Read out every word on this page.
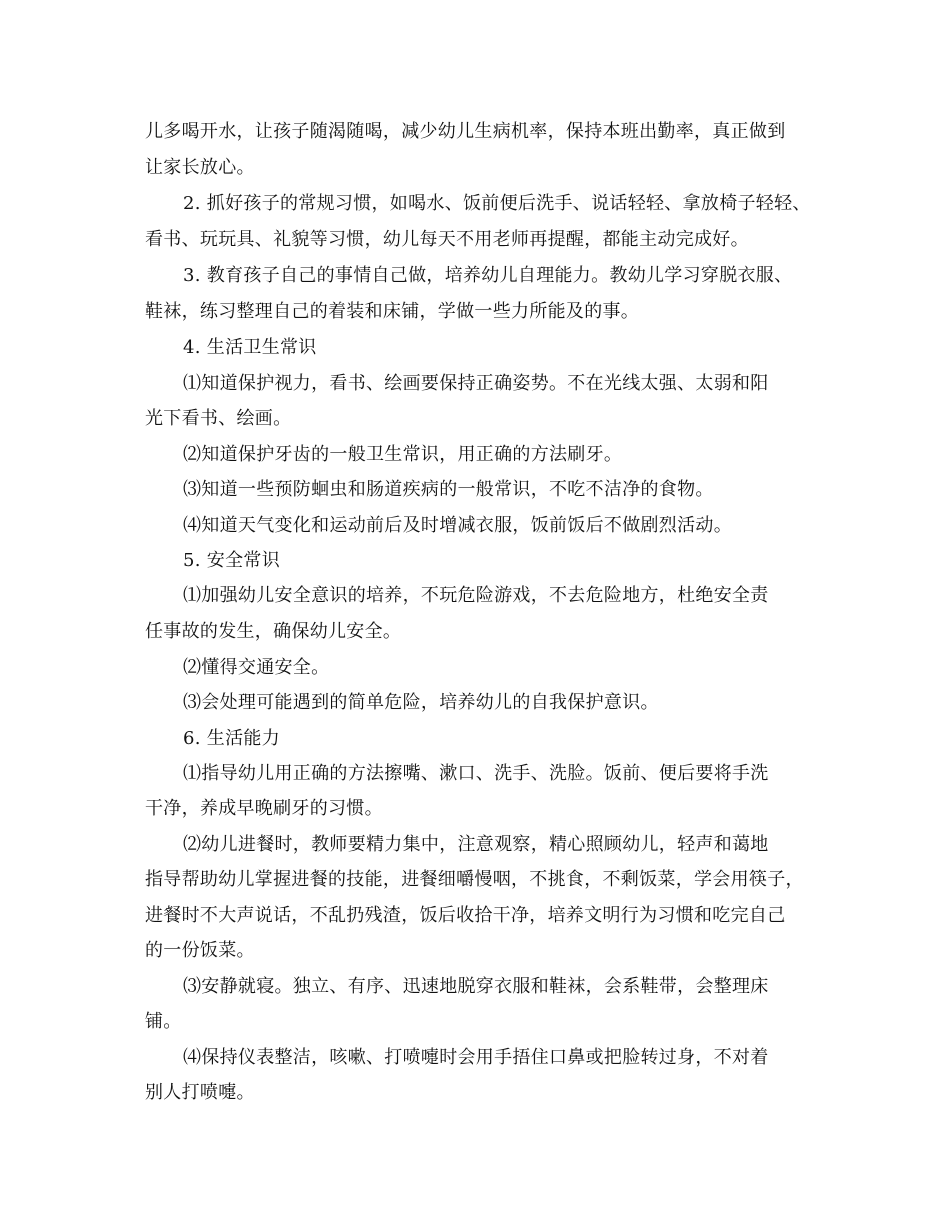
儿多喝开水，让孩子随渴随喝，减少幼儿生病机率，保持本班出勤率，真正做到
让家长放心。
2. 抓好孩子的常规习惯，如喝水、饭前便后洗手、说话轻轻、拿放椅子轻轻、
看书、玩玩具、礼貌等习惯，幼儿每天不用老师再提醒，都能主动完成好。
3. 教育孩子自己的事情自己做，培养幼儿自理能力。教幼儿学习穿脱衣服、
鞋袜，练习整理自己的着装和床铺，学做一些力所能及的事。
4. 生活卫生常识
⑴知道保护视力，看书、绘画要保持正确姿势。不在光线太强、太弱和阳
光下看书、绘画。
⑵知道保护牙齿的一般卫生常识，用正确的方法刷牙。
⑶知道一些预防蛔虫和肠道疾病的一般常识，不吃不洁净的食物。
⑷知道天气变化和运动前后及时增减衣服，饭前饭后不做剧烈活动。
5. 安全常识
⑴加强幼儿安全意识的培养，不玩危险游戏，不去危险地方，杜绝安全责
任事故的发生，确保幼儿安全。
⑵懂得交通安全。
⑶会处理可能遇到的简单危险，培养幼儿的自我保护意识。
6. 生活能力
⑴指导幼儿用正确的方法擦嘴、漱口、洗手、洗脸。饭前、便后要将手洗
干净，养成早晚刷牙的习惯。
⑵幼儿进餐时，教师要精力集中，注意观察，精心照顾幼儿，轻声和蔼地
指导帮助幼儿掌握进餐的技能，进餐细嚼慢咽，不挑食，不剩饭菜，学会用筷子，
进餐时不大声说话，不乱扔残渣，饭后收拾干净，培养文明行为习惯和吃完自己
的一份饭菜。
⑶安静就寝。独立、有序、迅速地脱穿衣服和鞋袜，会系鞋带，会整理床
铺。
⑷保持仪表整洁，咳嗽、打喷嚏时会用手捂住口鼻或把脸转过身，不对着
别人打喷嚏。
